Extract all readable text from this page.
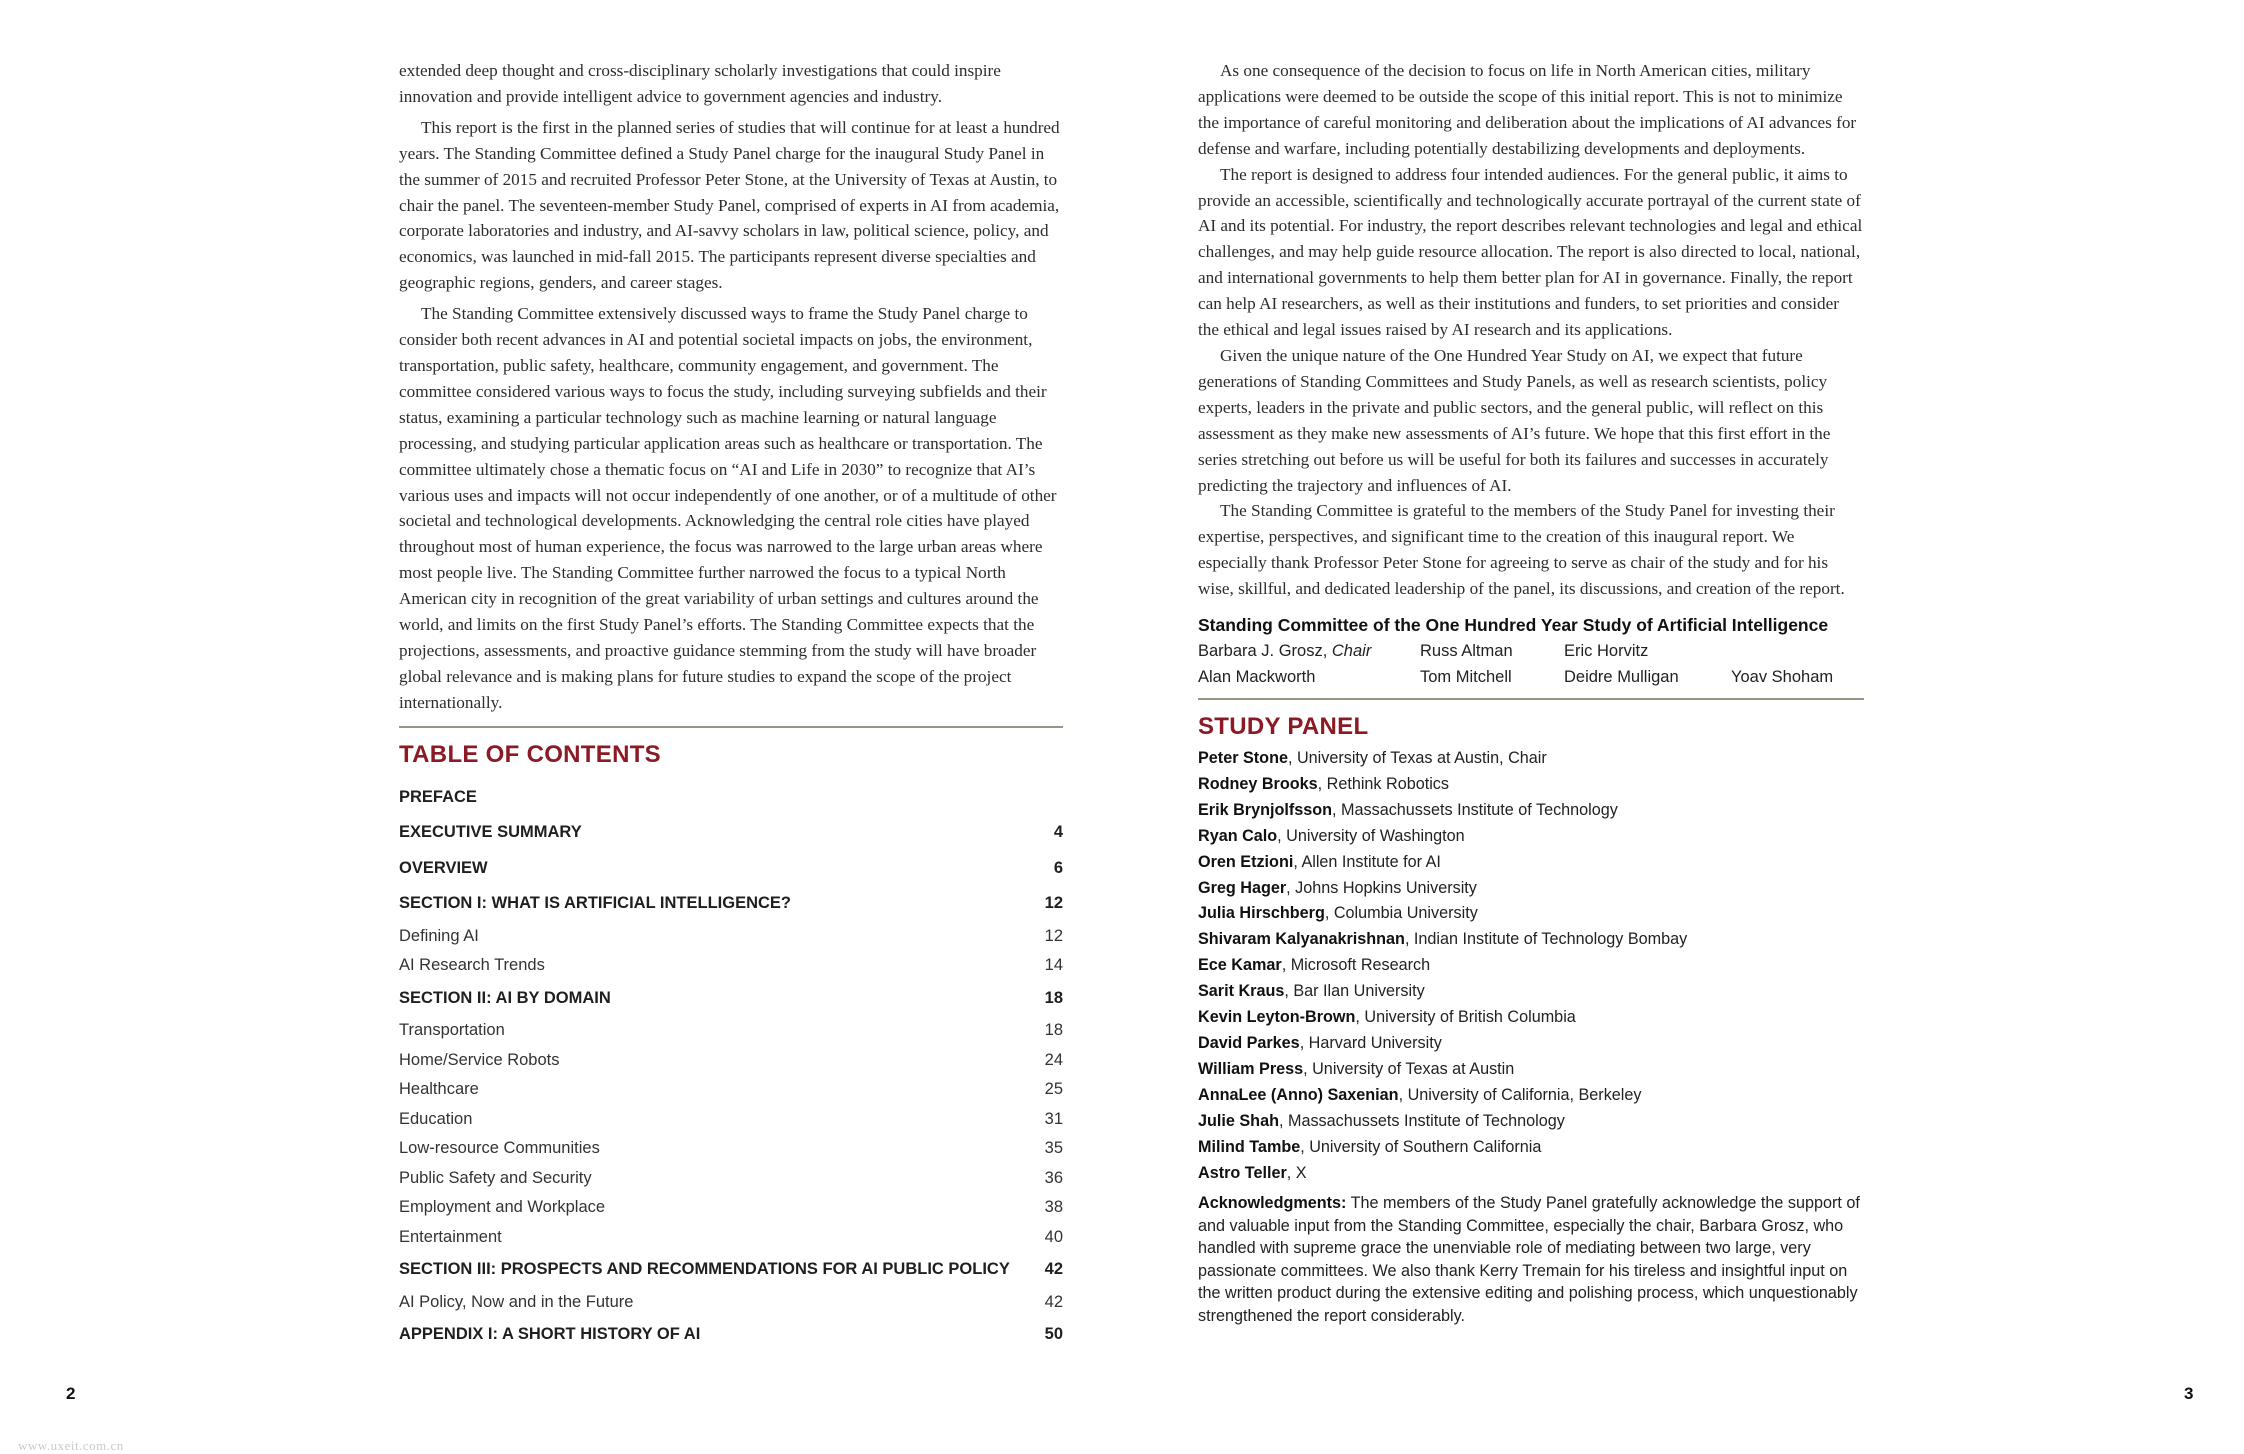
extended deep thought and cross-disciplinary scholarly investigations that could inspire innovation and provide intelligent advice to government agencies and industry.

This report is the first in the planned series of studies that will continue for at least a hundred years. The Standing Committee defined a Study Panel charge for the inaugural Study Panel in the summer of 2015 and recruited Professor Peter Stone, at the University of Texas at Austin, to chair the panel. The seventeen-member Study Panel, comprised of experts in AI from academia, corporate laboratories and industry, and AI-savvy scholars in law, political science, policy, and economics, was launched in mid-fall 2015. The participants represent diverse specialties and geographic regions, genders, and career stages.

The Standing Committee extensively discussed ways to frame the Study Panel charge to consider both recent advances in AI and potential societal impacts on jobs, the environment, transportation, public safety, healthcare, community engagement, and government. The committee considered various ways to focus the study, including surveying subfields and their status, examining a particular technology such as machine learning or natural language processing, and studying particular application areas such as healthcare or transportation. The committee ultimately chose a thematic focus on “AI and Life in 2030” to recognize that AI’s various uses and impacts will not occur independently of one another, or of a multitude of other societal and technological developments. Acknowledging the central role cities have played throughout most of human experience, the focus was narrowed to the large urban areas where most people live. The Standing Committee further narrowed the focus to a typical North American city in recognition of the great variability of urban settings and cultures around the world, and limits on the first Study Panel’s efforts. The Standing Committee expects that the projections, assessments, and proactive guidance stemming from the study will have broader global relevance and is making plans for future studies to expand the scope of the project internationally.

TABLE OF CONTENTS
PREFACE
EXECUTIVE SUMMARY	4
OVERVIEW	6
SECTION I: WHAT IS ARTIFICIAL INTELLIGENCE?	12
Defining AI	12
AI Research Trends	14
SECTION II: AI BY DOMAIN	18
Transportation	18
Home/Service Robots	24
Healthcare	25
Education	31
Low-resource Communities	35
Public Safety and Security	36
Employment and Workplace	38
Entertainment	40
SECTION III: PROSPECTS AND RECOMMENDATIONS FOR AI PUBLIC POLICY	42
AI Policy, Now and in the Future	42
APPENDIX I: A SHORT HISTORY OF AI	50

As one consequence of the decision to focus on life in North American cities, military applications were deemed to be outside the scope of this initial report. This is not to minimize the importance of careful monitoring and deliberation about the implications of AI advances for defense and warfare, including potentially destabilizing developments and deployments.

The report is designed to address four intended audiences. For the general public, it aims to provide an accessible, scientifically and technologically accurate portrayal of the current state of AI and its potential. For industry, the report describes relevant technologies and legal and ethical challenges, and may help guide resource allocation. The report is also directed to local, national, and international governments to help them better plan for AI in governance. Finally, the report can help AI researchers, as well as their institutions and funders, to set priorities and consider the ethical and legal issues raised by AI research and its applications.

Given the unique nature of the One Hundred Year Study on AI, we expect that future generations of Standing Committees and Study Panels, as well as research scientists, policy experts, leaders in the private and public sectors, and the general public, will reflect on this assessment as they make new assessments of AI’s future. We hope that this first effort in the series stretching out before us will be useful for both its failures and successes in accurately predicting the trajectory and influences of AI.

The Standing Committee is grateful to the members of the Study Panel for investing their expertise, perspectives, and significant time to the creation of this inaugural report. We especially thank Professor Peter Stone for agreeing to serve as chair of the study and for his wise, skillful, and dedicated leadership of the panel, its discussions, and creation of the report.

Standing Committee of the One Hundred Year Study of Artificial Intelligence
Barbara J. Grosz, Chair	Russ Altman	Eric Horvitz
Alan Mackworth	Tom Mitchell	Deidre Mulligan	Yoav Shoham
STUDY PANEL
Peter Stone, University of Texas at Austin, Chair
Rodney Brooks, Rethink Robotics
Erik Brynjolfsson, Massachussets Institute of Technology
Ryan Calo, University of Washington
Oren Etzioni, Allen Institute for AI
Greg Hager, Johns Hopkins University
Julia Hirschberg, Columbia University
Shivaram Kalyanakrishnan, Indian Institute of Technology Bombay
Ece Kamar, Microsoft Research
Sarit Kraus, Bar Ilan University
Kevin Leyton-Brown, University of British Columbia
David Parkes, Harvard University
William Press, University of Texas at Austin
AnnaLee (Anno) Saxenian, University of California, Berkeley
Julie Shah, Massachussets Institute of Technology
Milind Tambe, University of Southern California
Astro Teller, X
Acknowledgments: The members of the Study Panel gratefully acknowledge the support of and valuable input from the Standing Committee, especially the chair, Barbara Grosz, who handled with supreme grace the unenviable role of mediating between two large, very passionate committees. We also thank Kerry Tremain for his tireless and insightful input on the written product during the extensive editing and polishing process, which unquestionably strengthened the report considerably.
2	3
www.uxeit.com.cn
